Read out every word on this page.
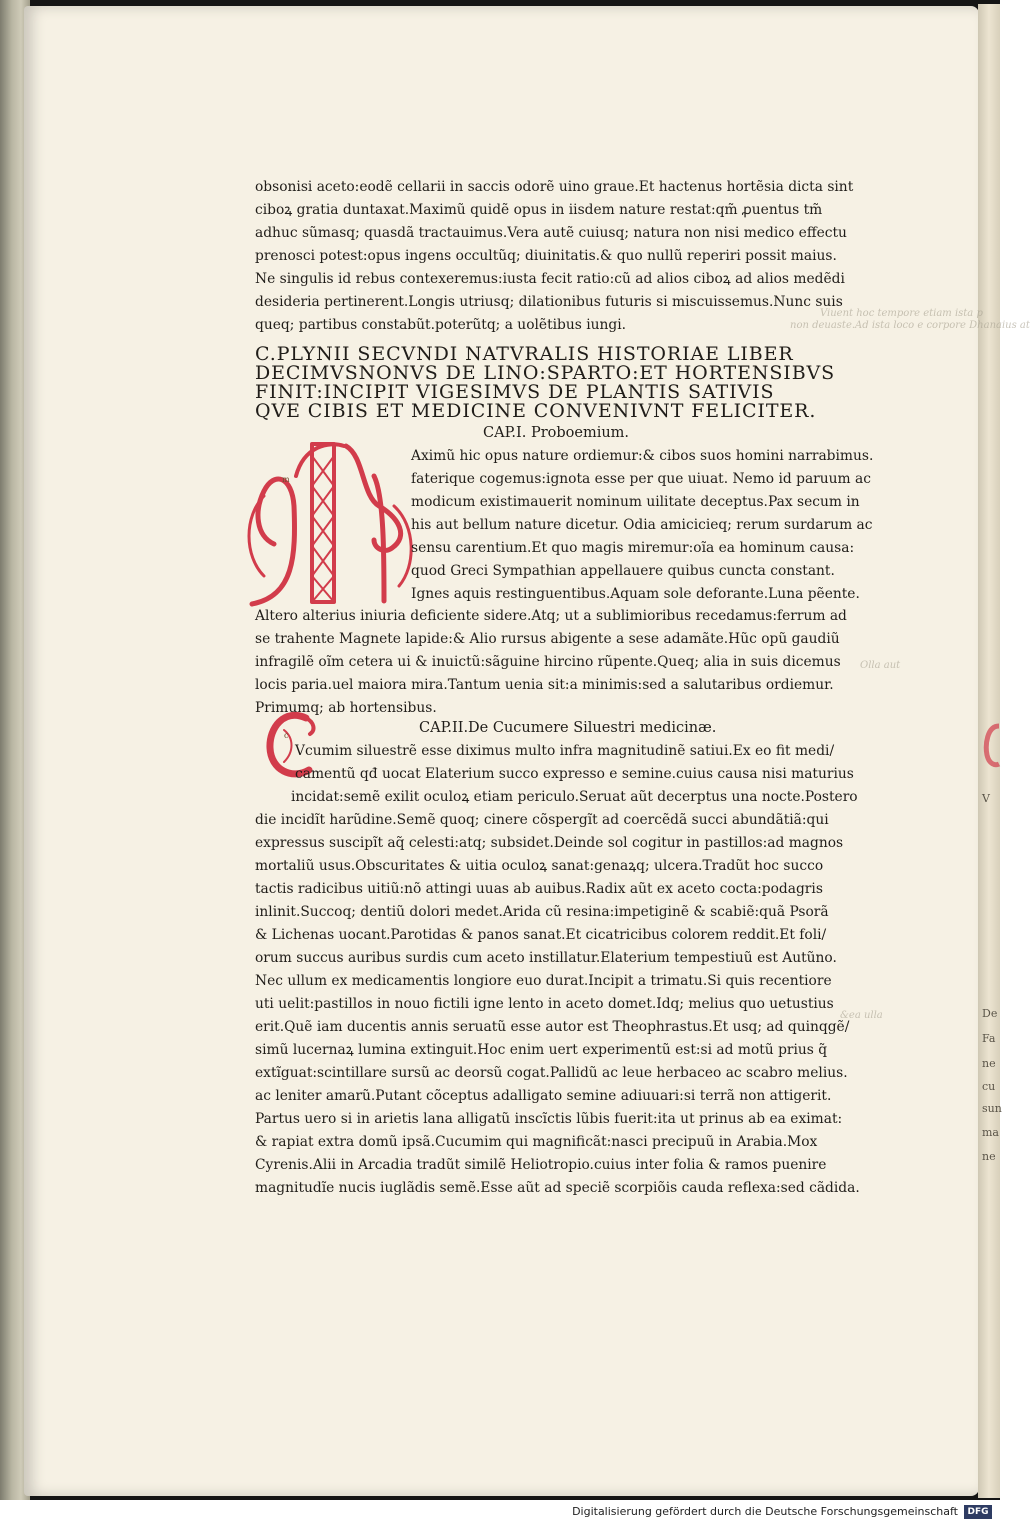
Viuent hoc tempore etiam ista p
non deuaste.Ad ista loco e corpore Dhanaius at
&ea ulla
Olla aut
V
De
Fa
ne
cu
sun
ma
ne
m
c
obsonisi aceto:eodẽ cellarii in saccis odorẽ uino graue.Et hactenus hortẽsia dicta sint
ciboꝝ gratia duntaxat.Maximũ quidẽ opus in iisdem nature restat:qm̃ ꝓuentus tm̃
adhuc sũmasq; quasdã tractauimus.Vera autẽ cuiusq; natura non nisi medico effectu
prenosci potest:opus ingens occultũq; diuinitatis.& quo nullũ reperiri possit maius.
Ne singulis id rebus contexeremus:iusta fecit ratio:cũ ad alios ciboꝝ ad alios medẽdi
desideria pertinerent.Longis utriusq; dilationibus futuris si miscuissemus.Nunc suis
queq; partibus constabũt.poterũtq; a uolẽtibus iungi.
C.PLYNII SECVNDI NATVRALIS HISTORIAE LIBER
DECIMVSNONVS DE LINO:SPARTO:ET HORTENSIBVS
FINIT:INCIPIT VIGESIMVS DE PLANTIS SATIVIS
QVE CIBIS ET MEDICINE CONVENIVNT FELICITER.
CAP.I. Proboemium.
Aximũ hic opus nature ordiemur:& cibos suos homini narrabimus.
faterique cogemus:ignota esse per que uiuat. Nemo id paruum ac
modicum existimauerit nominum uilitate deceptus.Pax secum in
his aut bellum nature dicetur. Odia amicicieq; rerum surdarum ac
sensu carentium.Et quo magis miremur:oĩa ea hominum causa:
quod Greci Sympathian appellauere quibus cuncta constant.
Ignes aquis restinguentibus.Aquam sole deforante.Luna pẽente.
Altero alterius iniuria deficiente sidere.Atq; ut a sublimioribus recedamus:ferrum ad
se trahente Magnete lapide:& Alio rursus abigente a sese adamãte.Hũc opũ gaudiũ
infragilẽ oĩm cetera ui & inuictũ:sãguine hircino rũpente.Queq; alia in suis dicemus
locis paria.uel maiora mira.Tantum uenia sit:a minimis:sed a salutaribus ordiemur.
Primumq; ab hortensibus.
CAP.II.De Cucumere Siluestri medicinæ.
Vcumim siluestrẽ esse diximus multo infra magnitudinẽ satiui.Ex eo fit medi/
camentũ qđ uocat Elaterium succo expresso e semine.cuius causa nisi maturius
incidat:semẽ exilit oculoꝝ etiam periculo.Seruat aũt decerptus una nocte.Postero
die incidĩt harũdine.Semẽ quoq; cinere cõspergĩt ad coercẽdã succi abundãtiã:qui
expressus suscipĩt aq̃ celesti:atq; subsidet.Deinde sol cogitur in pastillos:ad magnos
mortaliũ usus.Obscuritates & uitia oculoꝝ sanat:genaꝝq; ulcera.Tradũt hoc succo
tactis radicibus uitiũ:nõ attingi uuas ab auibus.Radix aũt ex aceto cocta:podagris
inlinit.Succoq; dentiũ dolori medet.Arida cũ resina:impetiginẽ & scabiẽ:quã Psorã
& Lichenas uocant.Parotidas & panos sanat.Et cicatricibus colorem reddit.Et foli/
orum succus auribus surdis cum aceto instillatur.Elaterium tempestiuũ est Autũno.
Nec ullum ex medicamentis longiore euo durat.Incipit a trimatu.Si quis recentiore
uti uelit:pastillos in nouo fictili igne lento in aceto domet.Idq; melius quo uetustius
erit.Quẽ iam ducentis annis seruatũ esse autor est Theophrastus.Et usq; ad quinqgẽ/
simũ lucernaꝝ lumina extinguit.Hoc enim uert experimentũ est:si ad motũ prius q̃
extĩguat:scintillare sursũ ac deorsũ cogat.Pallidũ ac leue herbaceo ac scabro melius.
ac leniter amarũ.Putant cõceptus adalligato semine adiuuari:si terrã non attigerit.
Partus uero si in arietis lana alligatũ inscĩctis lũbis fuerit:ita ut prinus ab ea eximat:
& rapiat extra domũ ipsã.Cucumim qui magnificãt:nasci precipuũ in Arabia.Mox
Cyrenis.Alii in Arcadia tradũt similẽ Heliotropio.cuius inter folia & ramos puenire
magnitudĩe nucis iuglãdis semẽ.Esse aũt ad speciẽ scorpiõis cauda reflexa:sed cãdida.
Digitalisierung gefördert durch die Deutsche Forschungsgemeinschaft	DFG
